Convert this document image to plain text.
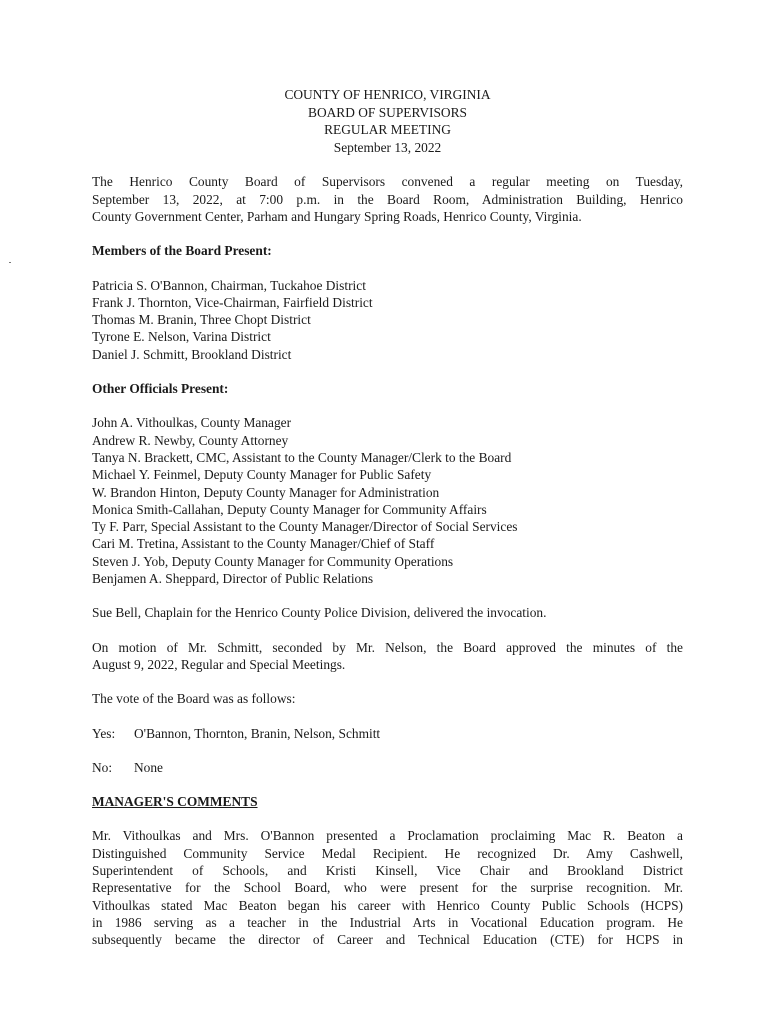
COUNTY OF HENRICO, VIRGINIA
BOARD OF SUPERVISORS
REGULAR MEETING
September 13, 2022
The Henrico County Board of Supervisors convened a regular meeting on Tuesday,
September 13, 2022, at 7:00 p.m. in the Board Room, Administration Building, Henrico
County Government Center, Parham and Hungary Spring Roads, Henrico County, Virginia.

Members of the Board Present:

Patricia S. O'Bannon, Chairman, Tuckahoe District
Frank J. Thornton, Vice-Chairman, Fairfield District
Thomas M. Branin, Three Chopt District
Tyrone E. Nelson, Varina District
Daniel J. Schmitt, Brookland District

Other Officials Present:

John A. Vithoulkas, County Manager
Andrew R. Newby, County Attorney
Tanya N. Brackett, CMC, Assistant to the County Manager/Clerk to the Board
Michael Y. Feinmel, Deputy County Manager for Public Safety
W. Brandon Hinton, Deputy County Manager for Administration
Monica Smith-Callahan, Deputy County Manager for Community Affairs
Ty F. Parr, Special Assistant to the County Manager/Director of Social Services
Cari M. Tretina, Assistant to the County Manager/Chief of Staff
Steven J. Yob, Deputy County Manager for Community Operations
Benjamen A. Sheppard, Director of Public Relations

Sue Bell, Chaplain for the Henrico County Police Division, delivered the invocation.

On motion of Mr. Schmitt, seconded by Mr. Nelson, the Board approved the minutes of the
August 9, 2022, Regular and Special Meetings.

The vote of the Board was as follows:

Yes:	O'Bannon, Thornton, Branin, Nelson, Schmitt
No:	None

MANAGER'S COMMENTS

Mr. Vithoulkas and Mrs. O'Bannon presented a Proclamation proclaiming Mac R. Beaton a
Distinguished Community Service Medal Recipient. He recognized Dr. Amy Cashwell,
Superintendent of Schools, and Kristi Kinsell, Vice Chair and Brookland District
Representative for the School Board, who were present for the surprise recognition. Mr.
Vithoulkas stated Mac Beaton began his career with Henrico County Public Schools (HCPS)
in 1986 serving as a teacher in the Industrial Arts in Vocational Education program. He
subsequently became the director of Career and Technical Education (CTE) for HCPS in
